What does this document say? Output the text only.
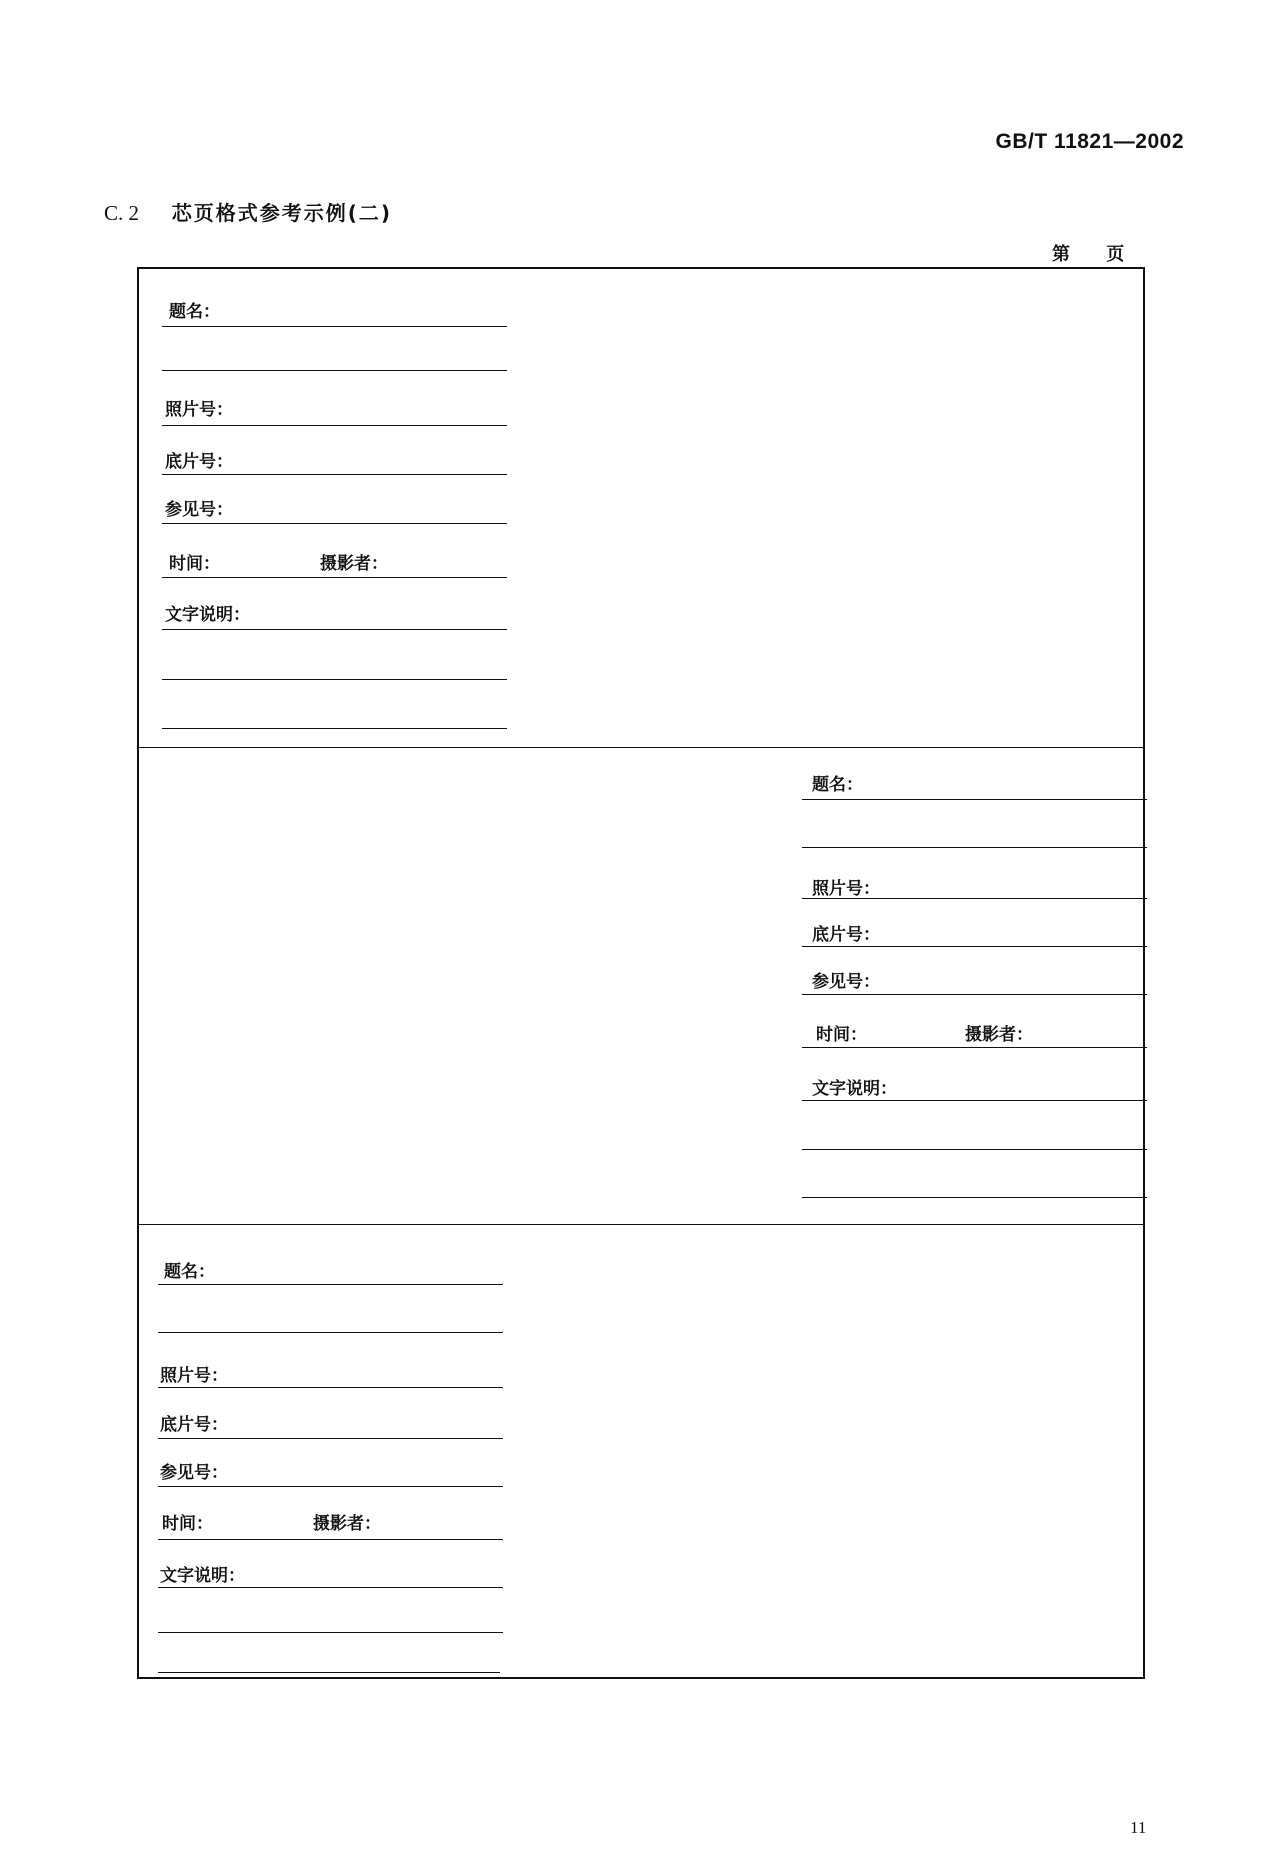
GB/T 11821—2002
C. 2 芯页格式参考示例(二)
第 页
题名：
照片号：
底片号：
参见号：
时间：	摄影者：
文字说明：
题名：
照片号：
底片号：
参见号：
时间：	摄影者：
文字说明：
题名：
照片号：
底片号：
参见号：
时间：	摄影者：
文字说明：
11
